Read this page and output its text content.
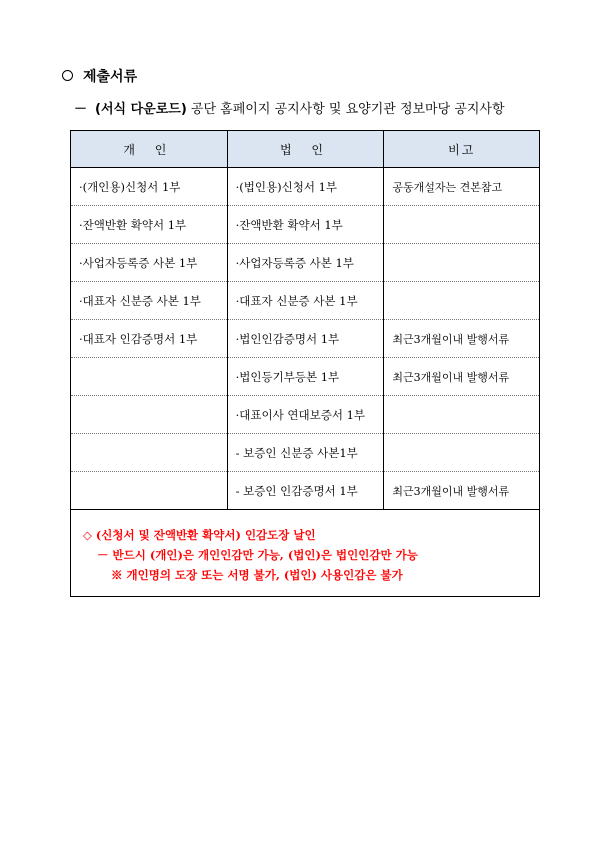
제출서류
－ (서식 다운로드) 공단 홈페이지 공지사항 및 요양기관 정보마당 공지사항
개 인	법 인	비고
·(개인용)신청서 1부	·(법인용)신청서 1부	공동개설자는 견본참고
·잔액반환 확약서 1부	·잔액반환 확약서 1부	
·사업자등록증 사본 1부	·사업자등록증 사본 1부	
·대표자 신분증 사본 1부	·대표자 신분증 사본 1부	
·대표자 인감증명서 1부	·법인인감증명서 1부	최근3개월이내 발행서류
	·법인등기부등본 1부	최근3개월이내 발행서류
	·대표이사 연대보증서 1부	
	- 보증인 신분증 사본1부	
	- 보증인 인감증명서 1부	최근3개월이내 발행서류
◇ (신청서 및 잔액반환 확약서) 인감도장 날인
－ 반드시 (개인)은 개인인감만 가능, (법인)은 법인인감만 가능
※ 개인명의 도장 또는 서명 불가, (법인) 사용인감은 불가
